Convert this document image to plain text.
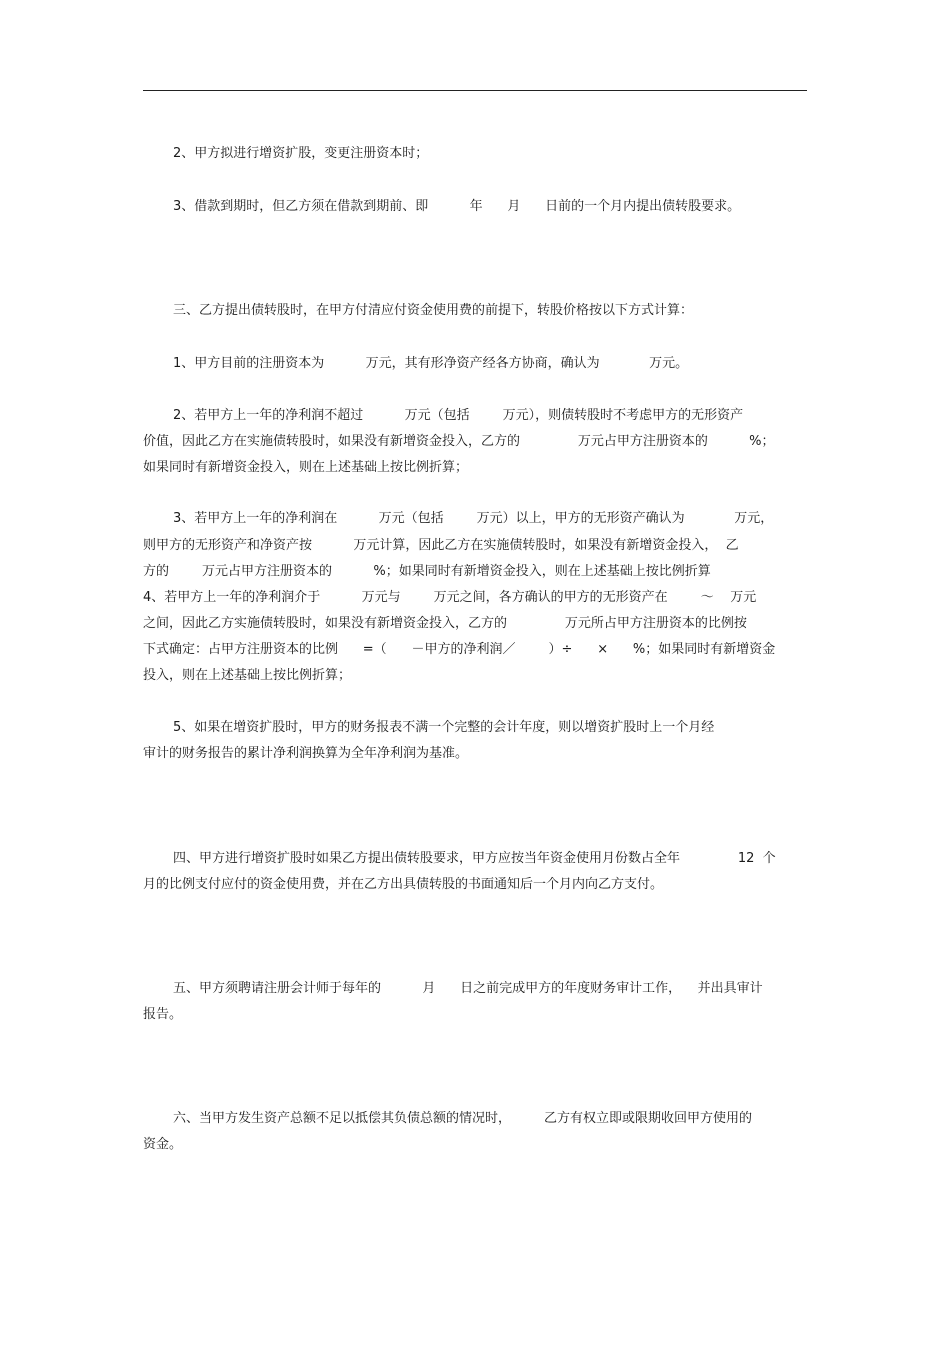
2、甲方拟进行增资扩股，变更注册资本时；
3、借款到期时，但乙方须在借款到期前、即          年      月      日前的一个月内提出债转股要求。
三、乙方提出债转股时，在甲方付清应付资金使用费的前提下，转股价格按以下方式计算：
1、甲方目前的注册资本为          万元，其有形净资产经各方协商，确认为            万元。
2、若甲方上一年的净利润不超过          万元（包括        万元），则债转股时不考虑甲方的无形资产
价值，因此乙方在实施债转股时，如果没有新增资金投入，乙方的              万元占甲方注册资本的          %；
如果同时有新增资金投入，则在上述基础上按比例折算；
3、若甲方上一年的净利润在          万元（包括        万元）以上，甲方的无形资产确认为            万元，
则甲方的无形资产和净资产按          万元计算，因此乙方在实施债转股时，如果没有新增资金投入，  乙
方的        万元占甲方注册资本的          %；如果同时有新增资金投入，则在上述基础上按比例折算
4、若甲方上一年的净利润介于          万元与        万元之间，各方确认的甲方的无形资产在        ～    万元
之间，因此乙方实施债转股时，如果没有新增资金投入，乙方的              万元所占甲方注册资本的比例按
下式确定：占甲方注册资本的比例      =（      －甲方的净利润／        ）÷      ×      %；如果同时有新增资金
投入，则在上述基础上按比例折算；
5、如果在增资扩股时，甲方的财务报表不满一个完整的会计年度，则以增资扩股时上一个月经
审计的财务报告的累计净利润换算为全年净利润为基准。
四、甲方进行增资扩股时如果乙方提出债转股要求，甲方应按当年资金使用月份数占全年              12  个
月的比例支付应付的资金使用费，并在乙方出具债转股的书面通知后一个月内向乙方支付。
五、甲方须聘请注册会计师于每年的          月      日之前完成甲方的年度财务审计工作，    并出具审计
报告。
六、当甲方发生资产总额不足以抵偿其负债总额的情况时，        乙方有权立即或限期收回甲方使用的
资金。
